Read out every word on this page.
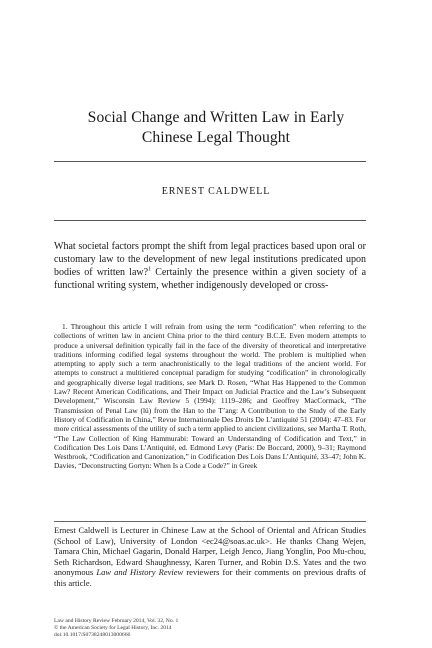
Social Change and Written Law in Early
Chinese Legal Thought
ERNEST CALDWELL
What societal factors prompt the shift from legal practices based upon oral or customary law to the development of new legal institutions predicated upon bodies of written law?$^1$ Certainly the presence within a given society of a functional writing system, whether indigenously developed or cross-
1. Throughout this article I will refrain from using the term “codification” when referring to the collections of written law in ancient China prior to the third century B.C.E. Even modern attempts to produce a universal definition typically fail in the face of the diversity of theoretical and interpretative traditions informing codified legal systems throughout the world. The problem is multiplied when attempting to apply such a term anachronistically to the legal traditions of the ancient world. For attempts to construct a multitiered conceptual paradigm for studying “codification” in chronologically and geographically diverse legal traditions, see Mark D. Rosen, “What Has Happened to the Common Law? Recent American Codifications, and Their Impact on Judicial Practice and the Law’s Subsequent Development,” Wisconsin Law Review 5 (1994): 1119–286; and Geoffrey MacCormack, “The Transmission of Penal Law (lü) from the Han to the T’ang: A Contribution to the Study of the Early History of Codification in China,” Revue Internationale Des Droits De L’antiquité 51 (2004): 47–83. For more critical assessments of the utility of such a term applied to ancient civilizations, see Martha T. Roth, “The Law Collection of King Hammurabi: Toward an Understanding of Codification and Text,” in Codification Des Lois Dans L’Antiquité, ed. Edmond Levy (Paris: De Boccard, 2000), 9–31; Raymond Westbrook, “Codification and Canonization,” in Codification Des Lois Dans L’Antiquité, 33–47; John K. Davies, “Deconstructing Gortyn: When Is a Code a Code?” in Greek
Ernest Caldwell is Lecturer in Chinese Law at the School of Oriental and African Studies (School of Law), University of London <ec24@soas.ac.uk>. He thanks Chang Wejen, Tamara Chin, Michael Gagarin, Donald Harper, Leigh Jenco, Jiang Yonglin, Poo Mu-chou, Seth Richardson, Edward Shaughnessy, Karen Turner, and Robin D.S. Yates and the two anonymous Law and History Review reviewers for their comments on previous drafts of this article.
Law and History Review February 2014, Vol. 32, No. 1
© the American Society for Legal History, Inc. 2014
doi:10.1017/S0738248013000666
